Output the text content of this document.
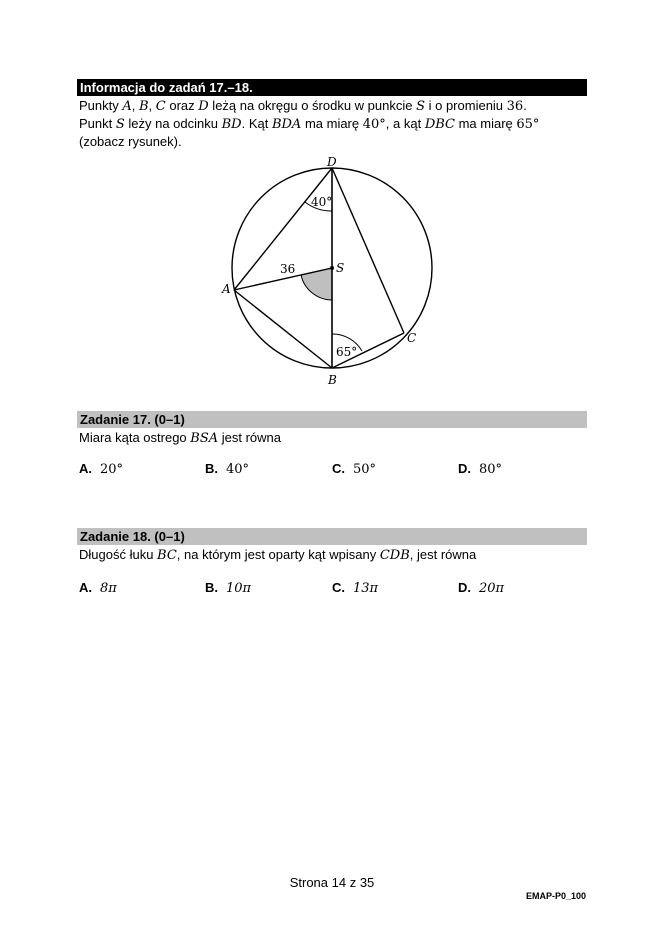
Informacja do zadań 17.–18.
Punkty A, B, C oraz D leżą na okręgu o środku w punkcie S i o promieniu 36.
Punkt S leży na odcinku BD. Kąt BDA ma miarę 40°, a kąt DBC ma miarę 65°
(zobacz rysunek).
D
S
A
B
C
40°
65°
36
Zadanie 17. (0–1)
Miara kąta ostrego BSA jest równa
A. 20°	B. 40°	C. 50°	D. 80°
Zadanie 18. (0–1)
Długość łuku BC, na którym jest oparty kąt wpisany CDB, jest równa
A. 8π	B. 10π	C. 13π	D. 20π
Strona 14 z 35
EMAP-P0_100
